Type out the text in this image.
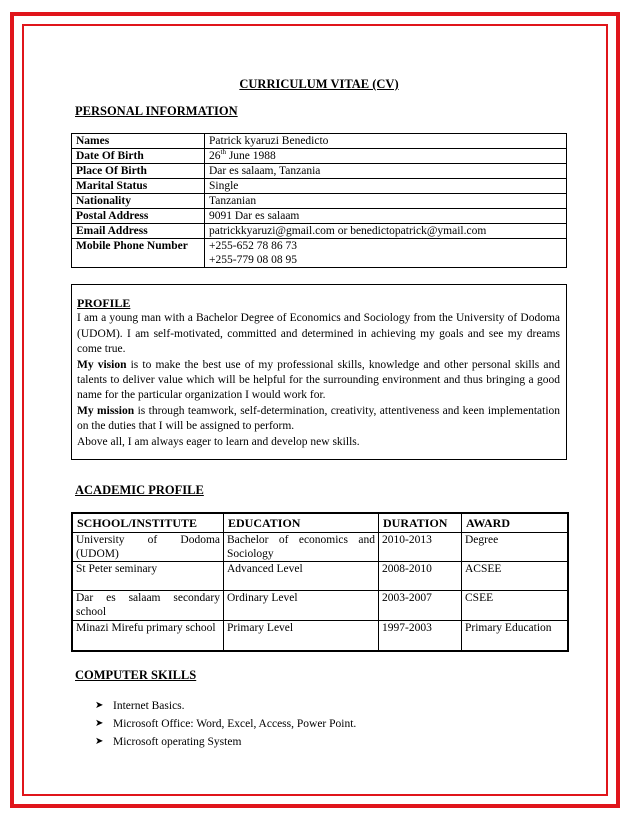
CURRICULUM VITAE (CV)
PERSONAL INFORMATION
Names	Patrick kyaruzi Benedicto
Date Of Birth	26th June 1988
Place Of Birth	Dar es salaam, Tanzania
Marital Status	Single
Nationality	Tanzanian
Postal Address	9091 Dar es salaam
Email Address	patrickkyaruzi@gmail.com or benedictopatrick@ymail.com
Mobile Phone Number	+255-652 78 86 73
+255-779 08 08 95
PROFILE

I am a young man with a Bachelor Degree of Economics and Sociology from the University of Dodoma (UDOM). I am self-motivated, committed and determined in achieving my goals and see my dreams come true.

My vision is to make the best use of my professional skills, knowledge and other personal skills and talents to deliver value which will be helpful for the surrounding environment and thus bringing a good name for the particular organization I would work for.

My mission is through teamwork, self-determination, creativity, attentiveness and keen implementation on the duties that I will be assigned to perform.

Above all, I am always eager to learn and develop new skills.

ACADEMIC PROFILE
SCHOOL/INSTITUTE	EDUCATION	DURATION	AWARD
University of Dodoma (UDOM)	Bachelor of economics and Sociology	2010-2013	Degree
St Peter seminary	Advanced Level	2008-2010	ACSEE
Dar es salaam secondary school	Ordinary Level	2003-2007	CSEE
Minazi Mirefu primary school	Primary Level	1997-2003	Primary Education
COMPUTER SKILLS
➤ Internet Basics.
➤ Microsoft Office: Word, Excel, Access, Power Point.
➤ Microsoft operating System
